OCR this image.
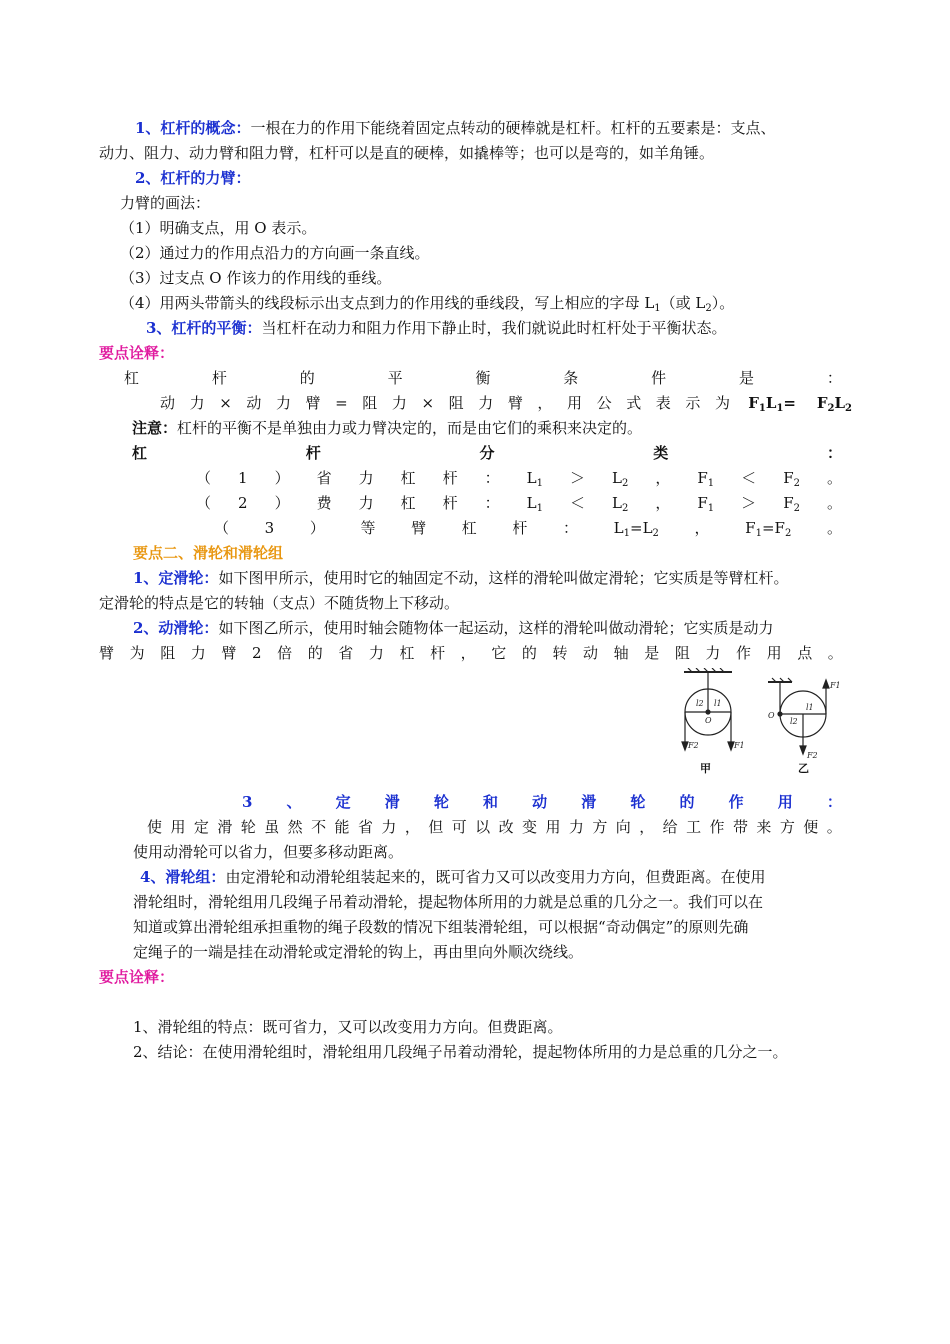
1、杠杆的概念：一根在力的作用下能绕着固定点转动的硬棒就是杠杆。杠杆的五要素是：支点、
动力、阻力、动力臂和阻力臂，杠杆可以是直的硬棒，如撬棒等；也可以是弯的，如羊角锤。
2、杠杆的力臂：
力臂的画法：
（1）明确支点，用 O 表示。
（2）通过力的作用点沿力的方向画一条直线。
（3）过支点 O 作该力的作用线的垂线。
（4）用两头带箭头的线段标示出支点到力的作用线的垂线段，写上相应的字母 $L_1$（或 $L_2$）。
3、杠杆的平衡：当杠杆在动力和阻力作用下静止时，我们就说此时杠杆处于平衡状态。
要点诠释：
杠	杆	的	平	衡	条	件	是	：
动 力 × 动 力 臂 = 阻 力 × 阻 力 臂 ， 用 公 式 表 示 为 $F_1L_1=$    $F_2L_2$
注意：杠杆的平衡不是单独由力或力臂决定的，而是由它们的乘积来决定的。
杠	杆	分	类	：
（ 1 ） 省 力 杠 杆 ： $L_1 > L_2$ ， $F_1 < F_2$ 。
（ 2 ） 费 力 杠 杆 ： $L_1 < L_2$ ， $F_1 > F_2$ 。
（ 3 ） 等 臂 杠 杆 ： $L_1=L_2$ ， $F_1=F_2$ 。
要点二、滑轮和滑轮组
1、定滑轮：如下图甲所示，使用时它的轴固定不动，这样的滑轮叫做定滑轮；它实质是等臂杠杆。
定滑轮的特点是它的转轴（支点）不随货物上下移动。
2、动滑轮：如下图乙所示，使用时轴会随物体一起运动，这样的滑轮叫做动滑轮；它实质是动力
臂 为 阻 力 臂 2 倍 的 省 力 杠 杆 ， 它 的 转 动 轴 是 阻 力 作 用 点 。
l2 l1
O
F2	F1
甲
F1
O
l1
l2
F2
乙
3 、 定 滑 轮 和 动 滑 轮 的 作 用 ：
使 用 定 滑 轮 虽 然 不 能 省 力 ， 但 可 以 改 变 用 力 方 向 ， 给 工 作 带 来 方 便 。
使用动滑轮可以省力，但要多移动距离。
4、滑轮组：由定滑轮和动滑轮组装起来的，既可省力又可以改变用力方向，但费距离。在使用
滑轮组时，滑轮组用几段绳子吊着动滑轮，提起物体所用的力就是总重的几分之一。我们可以在
知道或算出滑轮组承担重物的绳子段数的情况下组装滑轮组，可以根据“奇动偶定”的原则先确
定绳子的一端是挂在动滑轮或定滑轮的钩上，再由里向外顺次绕线。
要点诠释：
1、滑轮组的特点：既可省力，又可以改变用力方向。但费距离。
2、结论：在使用滑轮组时，滑轮组用几段绳子吊着动滑轮，提起物体所用的力是总重的几分之一。
